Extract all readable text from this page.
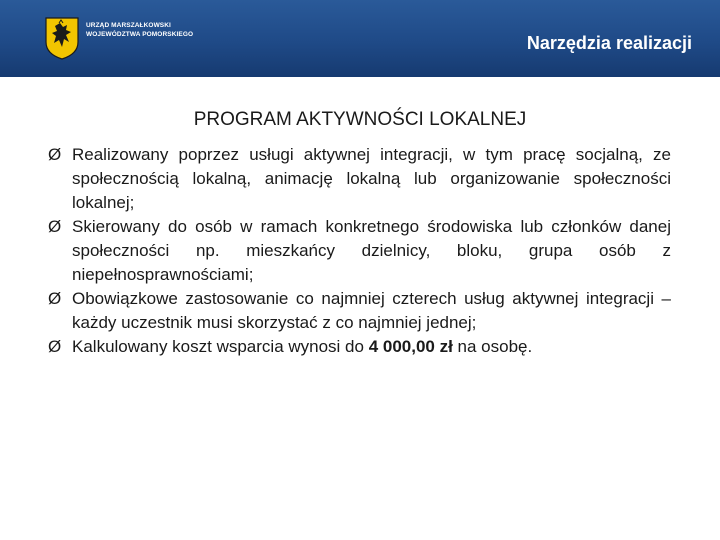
URZĄD MARSZAŁKOWSKI
WOJEWÓDZTWA POMORSKIEGO	Narzędzia realizacji
PROGRAM AKTYWNOŚCI LOKALNEJ
Ø Realizowany poprzez usługi aktywnej integracji, w tym pracę socjalną, ze społecznością lokalną, animację lokalną lub organizowanie społeczności lokalnej;
Ø Skierowany do osób w ramach konkretnego środowiska lub członków danej społeczności np. mieszkańcy dzielnicy, bloku, grupa osób z niepełnosprawnościami;
Ø Obowiązkowe zastosowanie co najmniej czterech usług aktywnej integracji – każdy uczestnik musi skorzystać z co najmniej jednej;
Ø Kalkulowany koszt wsparcia wynosi do 4 000,00 zł na osobę.
